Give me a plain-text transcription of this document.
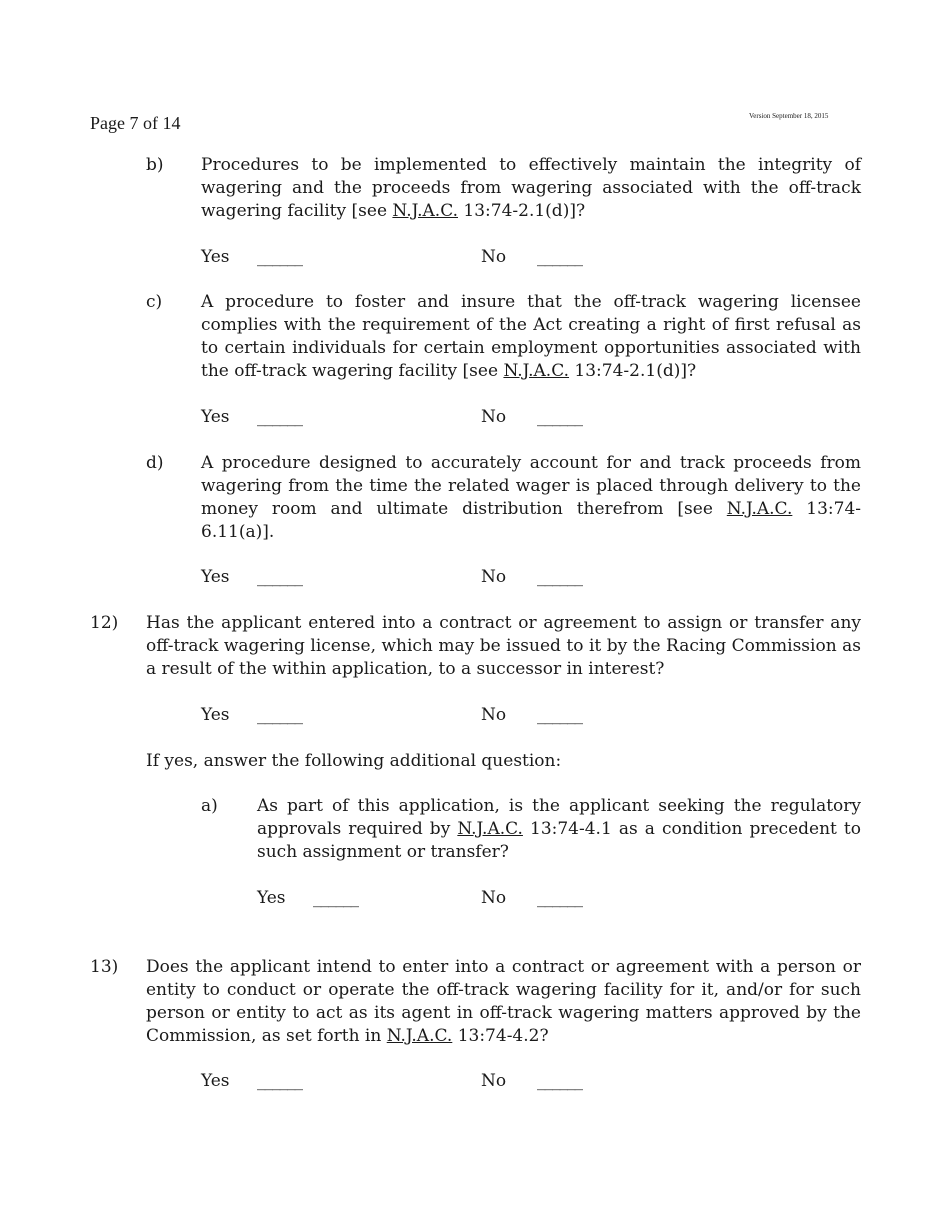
Page 7 of 14	Version September 18, 2015
b) Procedures to be implemented to effectively maintain the integrity of wagering and the proceeds from wagering associated with the off-track wagering facility [see N.J.A.C. 13:74-2.1(d)]?
Yes ______	No ______
c) A procedure to foster and insure that the off-track wagering licensee complies with the requirement of the Act creating a right of first refusal as to certain individuals for certain employment opportunities associated with the off-track wagering facility [see N.J.A.C. 13:74-2.1(d)]?
Yes ______	No ______
d) A procedure designed to accurately account for and track proceeds from wagering from the time the related wager is placed through delivery to the money room and ultimate distribution therefrom [see N.J.A.C. 13:74-6.11(a)].
Yes ______	No ______
12) Has the applicant entered into a contract or agreement to assign or transfer any off-track wagering license, which may be issued to it by the Racing Commission as a result of the within application, to a successor in interest?
Yes ______	No ______
If yes, answer the following additional question:
a) As part of this application, is the applicant seeking the regulatory approvals required by N.J.A.C. 13:74-4.1 as a condition precedent to such assignment or transfer?
Yes ______	No ______
13) Does the applicant intend to enter into a contract or agreement with a person or entity to conduct or operate the off-track wagering facility for it, and/or for such person or entity to act as its agent in off-track wagering matters approved by the Commission, as set forth in N.J.A.C. 13:74-4.2?
Yes ______	No ______
